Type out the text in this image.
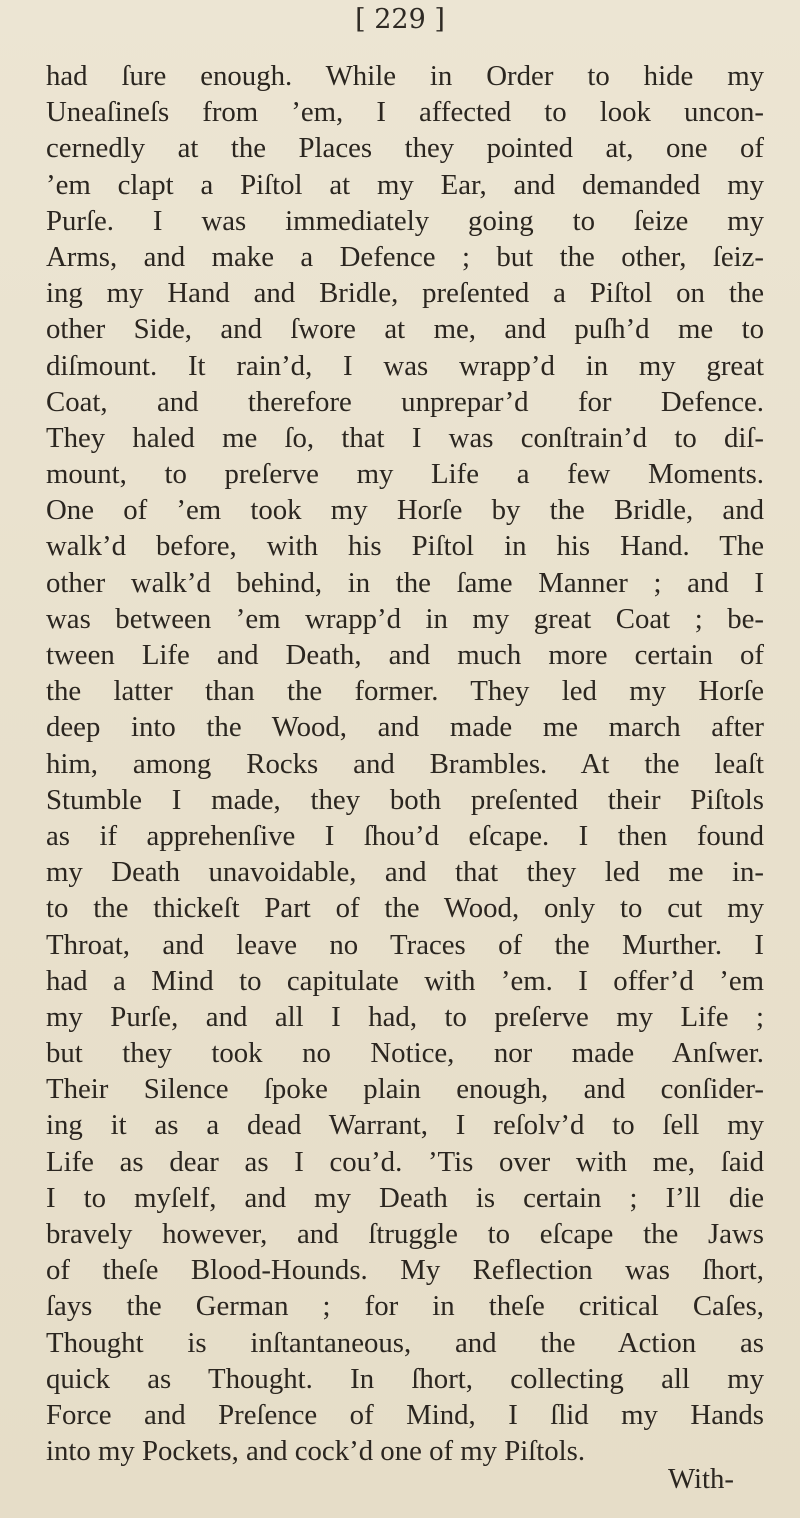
[ 229 ]

had ſure enough. While in Order to hide my
Uneaſineſs from ’em, I affected to look uncon-
cernedly at the Places they pointed at, one of
’em clapt a Piſtol at my Ear, and demanded my
Purſe. I was immediately going to ſeize my
Arms, and make a Defence ; but the other, ſeiz-
ing my Hand and Bridle, preſented a Piſtol on the
other Side, and ſwore at me, and puſh’d me to
diſmount. It rain’d, I was wrapp’d in my great
Coat, and therefore unprepar’d for Defence.
They haled me ſo, that I was conſtrain’d to diſ-
mount, to preſerve my Life a few Moments.
One of ’em took my Horſe by the Bridle, and
walk’d before, with his Piſtol in his Hand. The
other walk’d behind, in the ſame Manner ; and I
was between ’em wrapp’d in my great Coat ; be-
tween Life and Death, and much more certain of
the latter than the former. They led my Horſe
deep into the Wood, and made me march after
him, among Rocks and Brambles. At the leaſt
Stumble I made, they both preſented their Piſtols
as if apprehenſive I ſhou’d eſcape. I then found
my Death unavoidable, and that they led me in-
to the thickeſt Part of the Wood, only to cut my
Throat, and leave no Traces of the Murther. I
had a Mind to capitulate with ’em. I offer’d ’em
my Purſe, and all I had, to preſerve my Life ;
but they took no Notice, nor made Anſwer.
Their Silence ſpoke plain enough, and conſider-
ing it as a dead Warrant, I reſolv’d to ſell my
Life as dear as I cou’d. ’Tis over with me, ſaid
I to myſelf, and my Death is certain ; I’ll die
bravely however, and ſtruggle to eſcape the Jaws
of theſe Blood-Hounds. My Reflection was ſhort,
ſays the German ; for in theſe critical Caſes,
Thought is inſtantaneous, and the Action as
quick as Thought. In ſhort, collecting all my
Force and Preſence of Mind, I ſlid my Hands
into my Pockets, and cock’d one of my Piſtols.

With-
